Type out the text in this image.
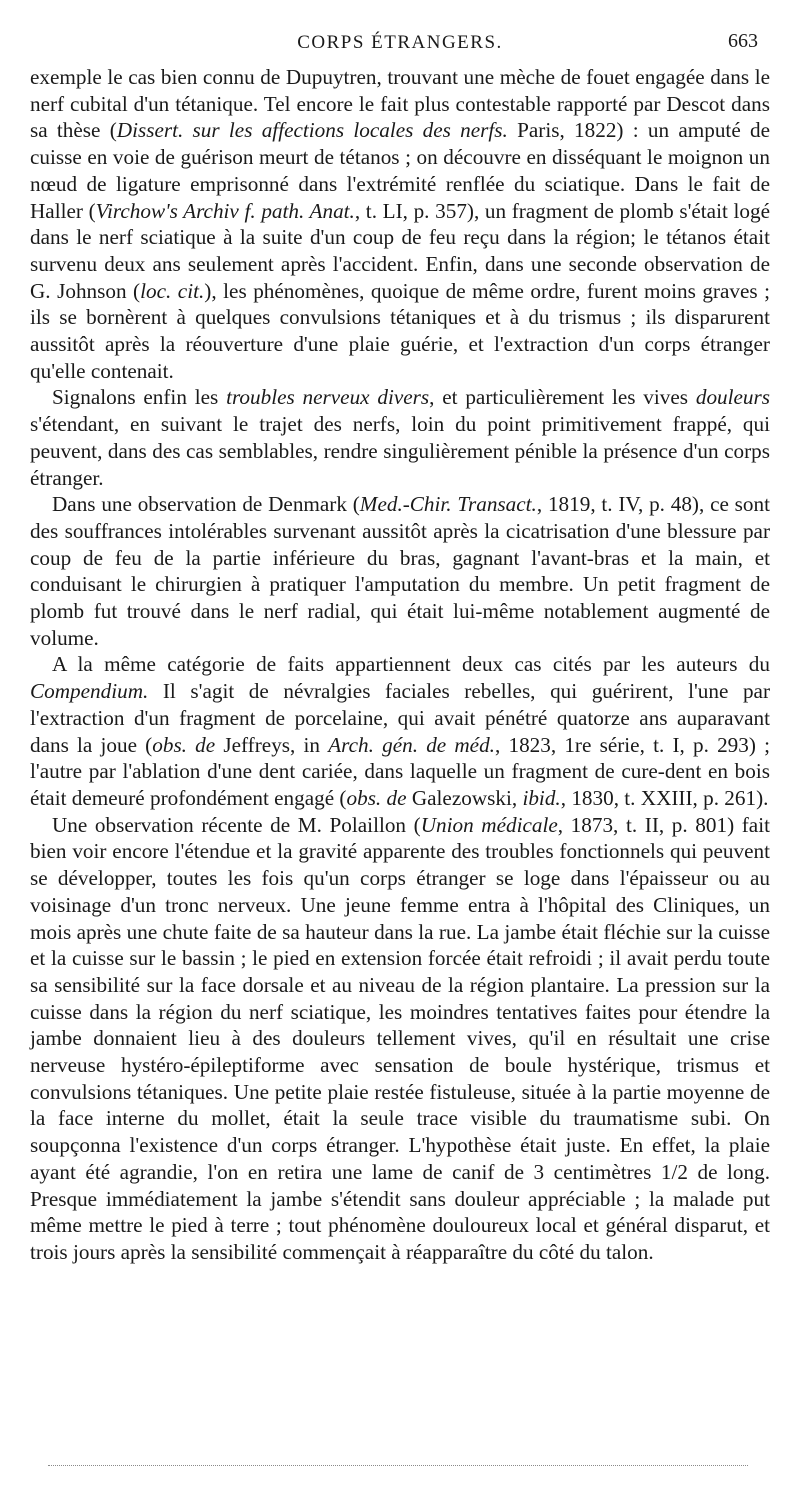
CORPS ÉTRANGERS.	663

exemple le cas bien connu de Dupuytren, trouvant une mèche de fouet engagée dans le nerf cubital d'un tétanique. Tel encore le fait plus contestable rapporté par Descot dans sa thèse (Dissert. sur les affections locales des nerfs. Paris, 1822) : un amputé de cuisse en voie de guérison meurt de tétanos ; on découvre en disséquant le moignon un nœud de ligature emprisonné dans l'extrémité renflée du sciatique. Dans le fait de Haller (Virchow's Archiv f. path. Anat., t. LI, p. 357), un fragment de plomb s'était logé dans le nerf sciatique à la suite d'un coup de feu reçu dans la région; le tétanos était survenu deux ans seulement après l'accident. Enfin, dans une seconde observation de G. Johnson (loc. cit.), les phénomènes, quoique de même ordre, furent moins graves ; ils se bornèrent à quelques convulsions tétaniques et à du trismus ; ils disparurent aussitôt après la réouverture d'une plaie guérie, et l'extraction d'un corps étranger qu'elle contenait.

Signalons enfin les troubles nerveux divers, et particulièrement les vives douleurs s'étendant, en suivant le trajet des nerfs, loin du point primitivement frappé, qui peuvent, dans des cas semblables, rendre singulièrement pénible la présence d'un corps étranger.

Dans une observation de Denmark (Med.-Chir. Transact., 1819, t. IV, p. 48), ce sont des souffrances intolérables survenant aussitôt après la cicatrisation d'une blessure par coup de feu de la partie inférieure du bras, gagnant l'avant-bras et la main, et conduisant le chirurgien à pratiquer l'amputation du membre. Un petit fragment de plomb fut trouvé dans le nerf radial, qui était lui-même notablement augmenté de volume.

A la même catégorie de faits appartiennent deux cas cités par les auteurs du Compendium. Il s'agit de névralgies faciales rebelles, qui guérirent, l'une par l'extraction d'un fragment de porcelaine, qui avait pénétré quatorze ans auparavant dans la joue (obs. de Jeffreys, in Arch. gén. de méd., 1823, 1re série, t. I, p. 293) ; l'autre par l'ablation d'une dent cariée, dans laquelle un fragment de cure-dent en bois était demeuré profondément engagé (obs. de Galezowski, ibid., 1830, t. XXIII, p. 261).

Une observation récente de M. Polaillon (Union médicale, 1873, t. II, p. 801) fait bien voir encore l'étendue et la gravité apparente des troubles fonctionnels qui peuvent se développer, toutes les fois qu'un corps étranger se loge dans l'épaisseur ou au voisinage d'un tronc nerveux. Une jeune femme entra à l'hôpital des Cliniques, un mois après une chute faite de sa hauteur dans la rue. La jambe était fléchie sur la cuisse et la cuisse sur le bassin ; le pied en extension forcée était refroidi ; il avait perdu toute sa sensibilité sur la face dorsale et au niveau de la région plantaire. La pression sur la cuisse dans la région du nerf sciatique, les moindres tentatives faites pour étendre la jambe donnaient lieu à des douleurs tellement vives, qu'il en résultait une crise nerveuse hystéro-épileptiforme avec sensation de boule hystérique, trismus et convulsions tétaniques. Une petite plaie restée fistuleuse, située à la partie moyenne de la face interne du mollet, était la seule trace visible du traumatisme subi. On soupçonna l'existence d'un corps étranger. L'hypothèse était juste. En effet, la plaie ayant été agrandie, l'on en retira une lame de canif de 3 centimètres 1/2 de long. Presque immédiatement la jambe s'étendit sans douleur appréciable ; la malade put même mettre le pied à terre ; tout phénomène douloureux local et général disparut, et trois jours après la sensibilité commençait à réapparaître du côté du talon.
